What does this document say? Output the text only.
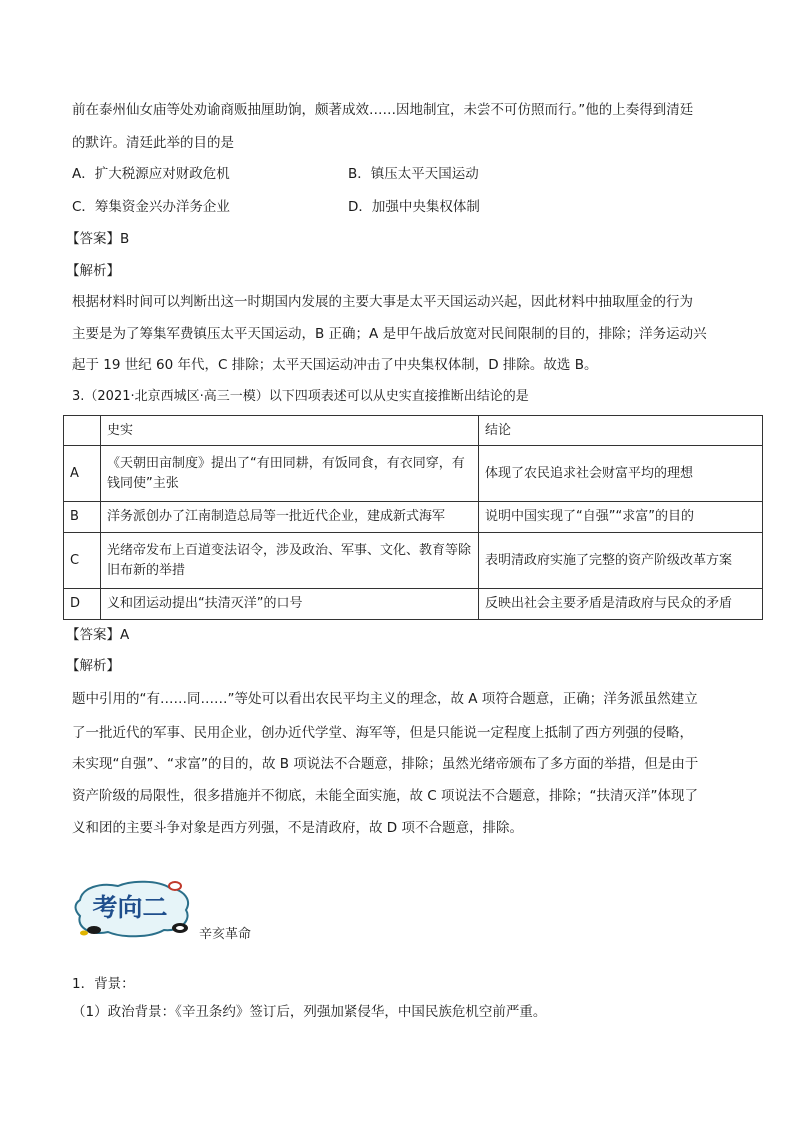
前在泰州仙女庙等处劝谕商贩抽厘助饷，颇著成效……因地制宜，未尝不可仿照而行。”他的上奏得到清廷
的默许。清廷此举的目的是
A．扩大税源应对财政危机	B．镇压太平天国运动
C．筹集资金兴办洋务企业	D．加强中央集权体制
【答案】B
【解析】
根据材料时间可以判断出这一时期国内发展的主要大事是太平天国运动兴起，因此材料中抽取厘金的行为
主要是为了筹集军费镇压太平天国运动，B 正确；A 是甲午战后放宽对民间限制的目的，排除；洋务运动兴
起于 19 世纪 60 年代，C 排除；太平天国运动冲击了中央集权体制，D 排除。故选 B。
3.（2021·北京西城区·高三一模）以下四项表述可以从史实直接推断出结论的是
	史实	结论
A	《天朝田亩制度》提出了“有田同耕，有饭同食，有衣同穿，有钱同使”主张	体现了农民追求社会财富平均的理想
B	洋务派创办了江南制造总局等一批近代企业，建成新式海军	说明中国实现了“自强”“求富”的目的
C	光绪帝发布上百道变法诏令，涉及政治、军事、文化、教育等除旧布新的举措	表明清政府实施了完整的资产阶级改革方案
D	义和团运动提出“扶清灭洋”的口号	反映出社会主要矛盾是清政府与民众的矛盾
【答案】A
【解析】
题中引用的“有……同……”等处可以看出农民平均主义的理念，故 A 项符合题意，正确；洋务派虽然建立
了一批近代的军事、民用企业，创办近代学堂、海军等，但是只能说一定程度上抵制了西方列强的侵略，
未实现“自强”、“求富”的目的，故 B 项说法不合题意，排除；虽然光绪帝颁布了多方面的举措，但是由于
资产阶级的局限性，很多措施并不彻底，未能全面实施，故 C 项说法不合题意，排除；“扶清灭洋”体现了
义和团的主要斗争对象是西方列强，不是清政府，故 D 项不合题意，排除。
考向二
辛亥革命
1．背景：
（1）政治背景：《辛丑条约》签订后，列强加紧侵华，中国民族危机空前严重。
